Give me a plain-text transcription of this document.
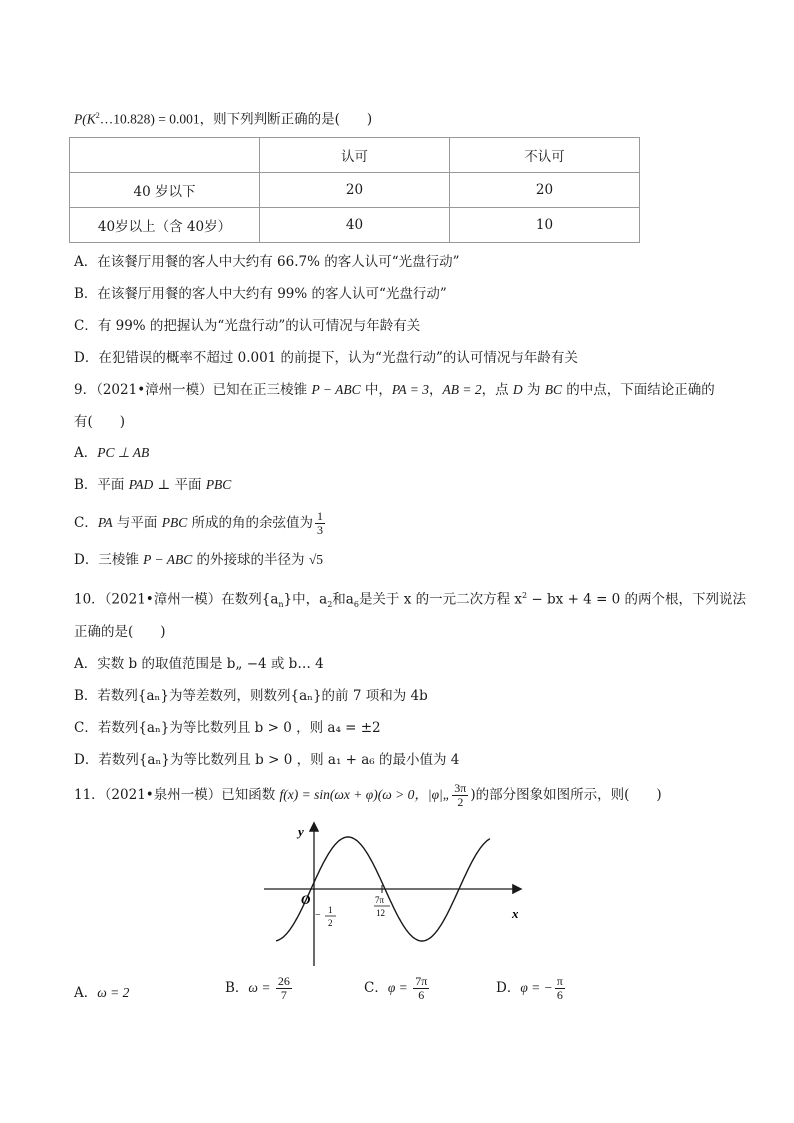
$P(K^2\dots 10.828) = 0.001$，则下列判断正确的是(　　)
	认可	不认可
40 岁以下	20	20
40岁以上（含 40岁）	40	10
A．在该餐厅用餐的客人中大约有 66.7% 的客人认可“光盘行动”
B．在该餐厅用餐的客人中大约有 99% 的客人认可“光盘行动”
C．有 99% 的把握认为“光盘行动”的认可情况与年龄有关
D．在犯错误的概率不超过 0.001 的前提下，认为“光盘行动”的认可情况与年龄有关
9．（2021•漳州一模）已知在正三棱锥 P − ABC 中，PA = 3，AB = 2，点 D 为 BC 的中点，下面结论正确的
有(　　)
A．PC ⊥ AB
B．平面 PAD ⊥ 平面 PBC
C．PA 与平面 PBC 所成的角的余弦值为 $\frac{1}{3}$
D．三棱锥 P − ABC 的外接球的半径为 √5
10．（2021•漳州一模）在数列$\{a_n\}$中，$a_2$和$a_6$是关于 x 的一元二次方程 $x^2$ − bx + 4 = 0 的两个根，下列说法
正确的是(　　)
A．实数 b 的取值范围是 b„ −4 或 b… 4
B．若数列{aₙ}为等差数列，则数列{aₙ}的前 7 项和为 4b
C．若数列{aₙ}为等比数列且 b > 0 ，则 a₄ = ±2
D．若数列{aₙ}为等比数列且 b > 0 ，则 a₁ + a₆ 的最小值为 4
11．（2021•泉州一模）已知函数 f(x) = sin(ωx + φ)(ω > 0，|φ|„ $\frac{3\pi}{2}$ )的部分图象如图所示，则(　　)
y
x
O
− 1
2
7π
12
A．ω = 2	B．$\omega = \frac{26}{7}$	C．$\varphi = \frac{7\pi}{6}$	D．φ = − $\frac{\pi}{6}$
